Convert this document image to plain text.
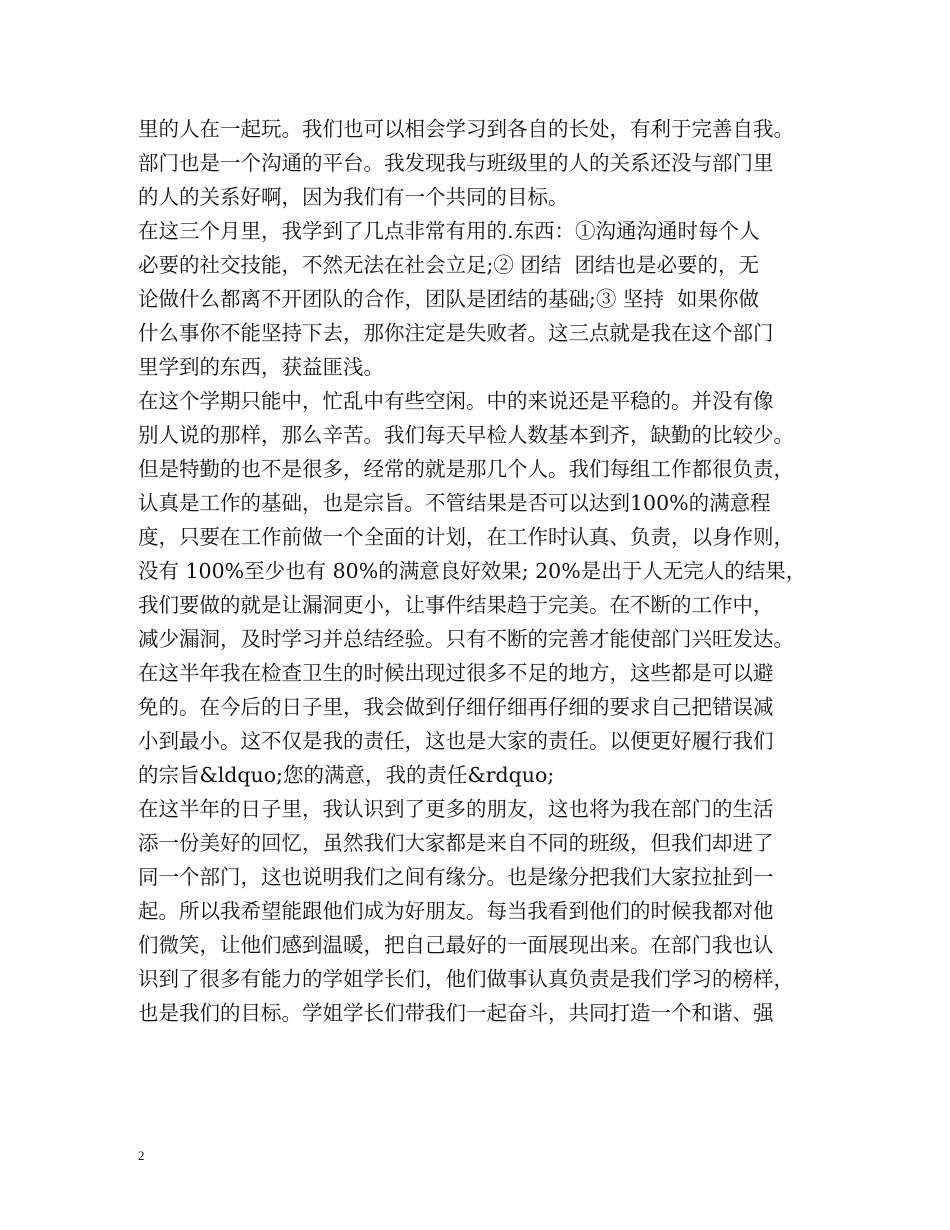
里的人在一起玩。我们也可以相会学习到各自的长处，有利于完善自我。
部门也是一个沟通的平台。我发现我与班级里的人的关系还没与部门里
的人的关系好啊，因为我们有一个共同的目标。
在这三个月里，我学到了几点非常有用的.东西：①沟通沟通时每个人
必要的社交技能，不然无法在社会立足;② 团结  团结也是必要的，无
论做什么都离不开团队的合作，团队是团结的基础;③ 坚持  如果你做
什么事你不能坚持下去，那你注定是失败者。这三点就是我在这个部门
里学到的东西，获益匪浅。
在这个学期只能中，忙乱中有些空闲。中的来说还是平稳的。并没有像
别人说的那样，那么辛苦。我们每天早检人数基本到齐，缺勤的比较少。
但是特勤的也不是很多，经常的就是那几个人。我们每组工作都很负责，
认真是工作的基础，也是宗旨。不管结果是否可以达到100%的满意程
度，只要在工作前做一个全面的计划，在工作时认真、负责，以身作则，
没有 100%至少也有 80%的满意良好效果; 20%是出于人无完人的结果，
我们要做的就是让漏洞更小，让事件结果趋于完美。在不断的工作中，
减少漏洞，及时学习并总结经验。只有不断的完善才能使部门兴旺发达。
在这半年我在检查卫生的时候出现过很多不足的地方，这些都是可以避
免的。在今后的日子里，我会做到仔细仔细再仔细的要求自己把错误减
小到最小。这不仅是我的责任，这也是大家的责任。以便更好履行我们
的宗旨&ldquo;您的满意，我的责任&rdquo;
在这半年的日子里，我认识到了更多的朋友，这也将为我在部门的生活
添一份美好的回忆，虽然我们大家都是来自不同的班级，但我们却进了
同一个部门，这也说明我们之间有缘分。也是缘分把我们大家拉扯到一
起。所以我希望能跟他们成为好朋友。每当我看到他们的时候我都对他
们微笑，让他们感到温暖，把自己最好的一面展现出来。在部门我也认
识到了很多有能力的学姐学长们，他们做事认真负责是我们学习的榜样，
也是我们的目标。学姐学长们带我们一起奋斗，共同打造一个和谐、强
2
